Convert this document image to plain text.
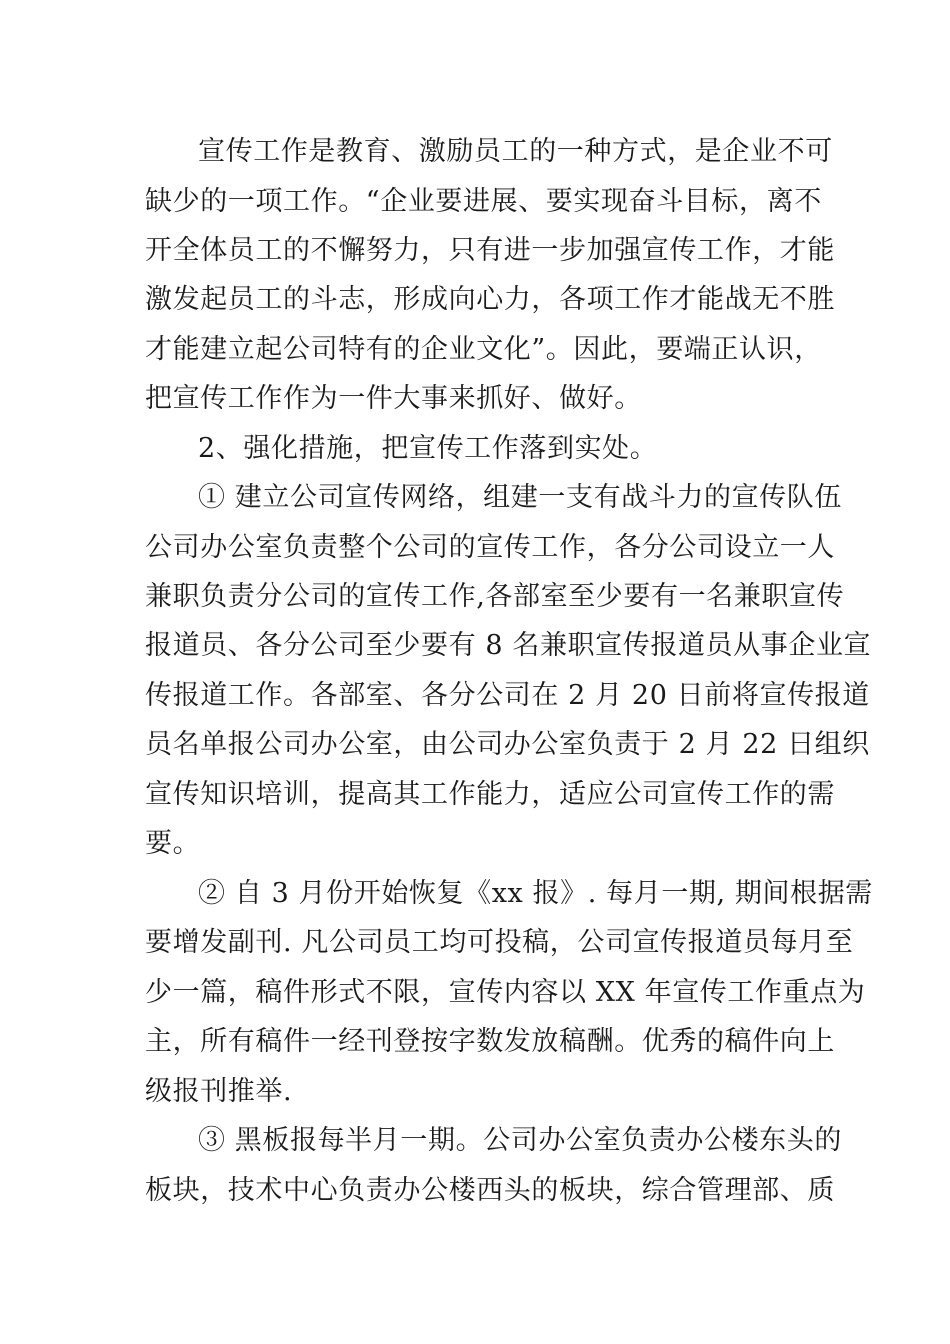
宣传工作是教育、激励员工的一种方式，是企业不可
缺少的一项工作。“企业要进展、要实现奋斗目标，离不
开全体员工的不懈努力，只有进一步加强宣传工作，才能
激发起员工的斗志，形成向心力，各项工作才能战无不胜
才能建立起公司特有的企业文化”。因此，要端正认识，
把宣传工作作为一件大事来抓好、做好。
2、强化措施，把宣传工作落到实处。
① 建立公司宣传网络，组建一支有战斗力的宣传队伍
公司办公室负责整个公司的宣传工作，各分公司设立一人
兼职负责分公司的宣传工作,各部室至少要有一名兼职宣传
报道员、各分公司至少要有 8 名兼职宣传报道员从事企业宣
传报道工作。各部室、各分公司在 2 月 20 日前将宣传报道
员名单报公司办公室，由公司办公室负责于 2 月 22 日组织
宣传知识培训，提高其工作能力，适应公司宣传工作的需
要。
② 自 3 月份开始恢复《xx 报》. 每月一期, 期间根据需
要增发副刊. 凡公司员工均可投稿，公司宣传报道员每月至
少一篇，稿件形式不限，宣传内容以 XX 年宣传工作重点为
主，所有稿件一经刊登按字数发放稿酬。优秀的稿件向上
级报刊推举.
③ 黑板报每半月一期。公司办公室负责办公楼东头的
板块，技术中心负责办公楼西头的板块，综合管理部、质
